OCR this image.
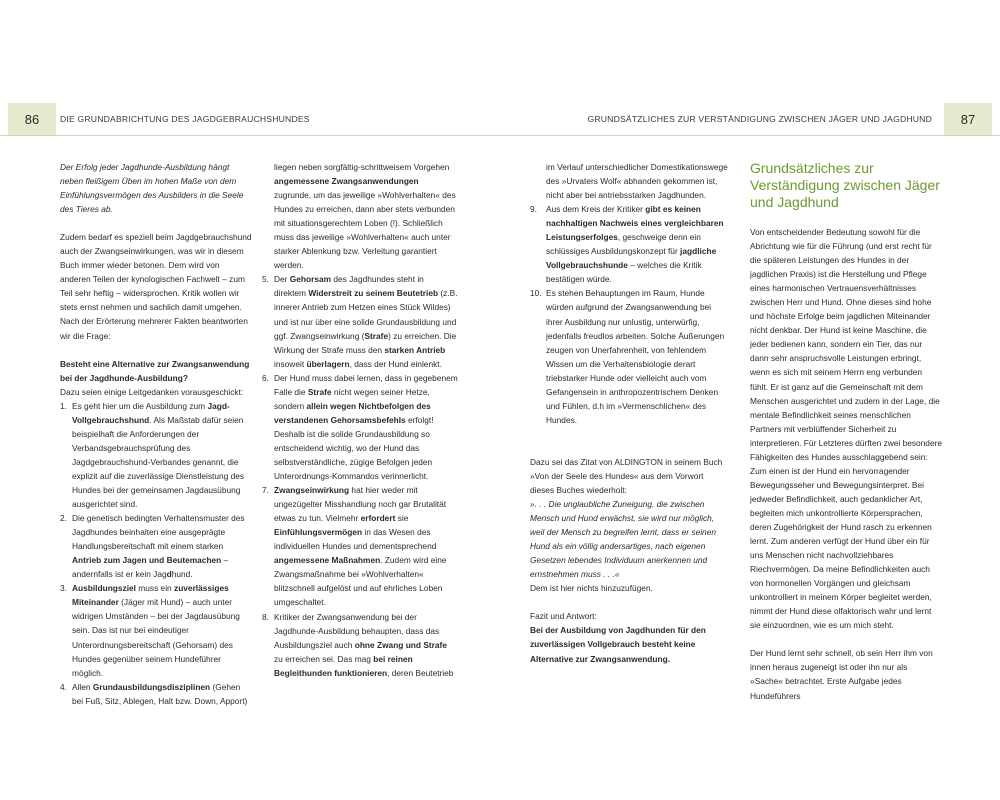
86	DIE GRUNDABRICHTUNG DES JAGDGEBRAUCHSHUNDES	GRUNDSÄTZLICHES ZUR VERSTÄNDIGUNG ZWISCHEN JÄGER UND JAGDHUND	87

Der Erfolg jeder Jagdhunde-Ausbildung hängt neben fleißigem Üben im hohen Maße von dem Einfühlungsvermögen des Ausbilders in die Seele des Tieres ab.

Zudem bedarf es speziell beim Jagdgebrauchshund auch der Zwangseinwirkungen, was wir in diesem Buch immer wieder betonen. Dem wird von anderen Teilen der kynologischen Fachwelt – zum Teil sehr heftig – widersprochen. Kritik wollen wir stets ernst nehmen und sachlich damit umgehen. Nach der Erörterung mehrerer Fakten beantworten wir die Frage:

Besteht eine Alternative zur Zwangsanwendung bei der Jagdhunde-Ausbildung?

Dazu seien einige Leitgedanken vorausgeschickt:

1. Es geht hier um die Ausbildung zum Jagd-Vollgebrauchshund. Als Maßstab dafür seien beispielhaft die Anforderungen der Verbandsgebrauchsprüfung des Jagdgebrauchshund-Verbandes genannt, die explizit auf die zuverlässige Dienstleistung des Hundes bei der gemeinsamen Jagdausübung ausgerichtet sind.
2. Die genetisch bedingten Verhaltensmuster des Jagdhundes beinhalten eine ausgeprägte Handlungsbereitschaft mit einem starken Antrieb zum Jagen und Beutemachen – andernfalls ist er kein Jagdhund.
3. Ausbildungsziel muss ein zuverlässiges Miteinander (Jäger mit Hund) – auch unter widrigen Umständen – bei der Jagdausübung sein. Das ist nur bei eindeutiger Unterordnungsbereitschaft (Gehorsam) des Hundes gegenüber seinem Hundeführer möglich.
4. Allen Grundausbildungsdisziplinen (Gehen bei Fuß, Sitz, Ablegen, Halt bzw. Down, Apport)

liegen neben sorgfältig-schrittweisem Vorgehen angemessene Zwangsanwendungen zugrunde, um das jeweilige »Wohlverhalten« des Hundes zu erreichen, dann aber stets verbunden mit situationsgerechtem Loben (!). Schließlich muss das jeweilige »Wohlverhalten« auch unter starker Ablenkung bzw. Verleitung garantiert werden.

5. Der Gehorsam des Jagdhundes steht in direktem Widerstreit zu seinem Beutetrieb (z.B. innerer Antrieb zum Hetzen eines Stück Wildes) und ist nur über eine solide Grundausbildung und ggf. Zwangseinwirkung (Strafe) zu erreichen. Die Wirkung der Strafe muss den starken Antrieb insoweit überlagern, dass der Hund einlenkt.
6. Der Hund muss dabei lernen, dass in gegebenem Falle die Strafe nicht wegen seiner Hetze, sondern allein wegen Nichtbefolgen des verstandenen Gehorsamsbefehls erfolgt! Deshalb ist die solide Grundausbildung so entscheidend wichtig, wo der Hund das selbstverständliche, zügige Befolgen jeden Unterordnungs-Kommandos verinnerlicht.
7. Zwangseinwirkung hat hier weder mit ungezügelter Misshandlung noch gar Brutalität etwas zu tun. Vielmehr erfordert sie Einfühlungsvermögen in das Wesen des individuellen Hundes und dementsprechend angemessene Maßnahmen. Zudem wird eine Zwangsmaßnahme bei »Wohlverhalten« blitzschnell aufgelöst und auf ehrliches Loben umgeschaltet.
8. Kritiker der Zwangsanwendung bei der Jagdhunde-Ausbildung behaupten, dass das Ausbildungsziel auch ohne Zwang und Strafe zu erreichen sei. Das mag bei reinen Begleithunden funktionieren, deren Beutetrieb

im Verlauf unterschiedlicher Domestikationswege des »Urvaters Wolf« abhanden gekommen ist, nicht aber bei antriebsstarken Jagdhunden.

9. Aus dem Kreis der Kritiker gibt es keinen nachhaltigen Nachweis eines vergleichbaren Leistungserfolges, geschweige denn ein schlüssiges Ausbildungskonzept für jagdliche Vollgebrauchshunde – welches die Kritik bestätigen würde.
10. Es stehen Behauptungen im Raum, Hunde würden aufgrund der Zwangsanwendung bei ihrer Ausbildung nur unlustig, unterwürfig, jedenfalls freudlos arbeiten. Solche Äußerungen zeugen von Unerfahrenheit, von fehlendem Wissen um die Verhaltensbiologie derart triebstarker Hunde oder vielleicht auch vom Gefangensein in anthropozentrischem Denken und Fühlen, d.h im »Vermenschlichen« des Hundes.

Dazu sei das Zitat von ALDINGTON in seinem Buch »Von der Seele des Hundes« aus dem Vorwort dieses Buches wiederholt:

». . . Die unglaubliche Zuneigung, die zwischen Mensch und Hund erwächst, sie wird nur möglich, weil der Mensch zu begreifen lernt, dass er seinen Hund als ein völlig andersartiges, nach eigenen Gesetzen lebendes Individuum anerkennen und ernstnehmen muss . . .«

Dem ist hier nichts hinzuzufügen.

Fazit und Antwort:

Bei der Ausbildung von Jagdhunden für den zuverlässigen Vollgebrauch besteht keine Alternative zur Zwangsanwendung.

Grundsätzliches zur Verständigung zwischen Jäger und Jagdhund

Von entscheidender Bedeutung sowohl für die Abrichtung wie für die Führung (und erst recht für die späteren Leistungen des Hundes in der jagdlichen Praxis) ist die Herstellung und Pflege eines harmonischen Vertrauensverhältnisses zwischen Herr und Hund. Ohne dieses sind hohe und höchste Erfolge beim jagdlichen Miteinander nicht denkbar. Der Hund ist keine Maschine, die jeder bedienen kann, sondern ein Tier, das nur dann sehr anspruchsvolle Leistungen erbringt, wenn es sich mit seinem Herrn eng verbunden fühlt. Er ist ganz auf die Gemeinschaft mit dem Menschen ausgerichtet und zudem in der Lage, die mentale Befindlichkeit seines menschlichen Partners mit verblüffender Sicherheit zu interpretieren. Für Letzteres dürften zwei besondere Fähigkeiten des Hundes ausschlaggebend sein: Zum einen ist der Hund ein hervorragender Bewegungsseher und Bewegungsinterpret. Bei jedweder Befindlichkeit, auch gedanklicher Art, begleiten mich unkontrollierte Körpersprachen, deren Zugehörigkeit der Hund rasch zu erkennen lernt. Zum anderen verfügt der Hund über ein für uns Menschen nicht nachvollziehbares Riechvermögen. Da meine Befindlichkeiten auch von hormonellen Vorgängen und gleichsam unkontrolliert in meinem Körper begleitet werden, nimmt der Hund diese olfaktorisch wahr und lernt sie einzuordnen, wie es um mich steht.

Der Hund lernt sehr schnell, ob sein Herr ihm von innen heraus zugeneigt ist oder ihn nur als »Sache« betrachtet. Erste Aufgabe jedes Hundeführers
